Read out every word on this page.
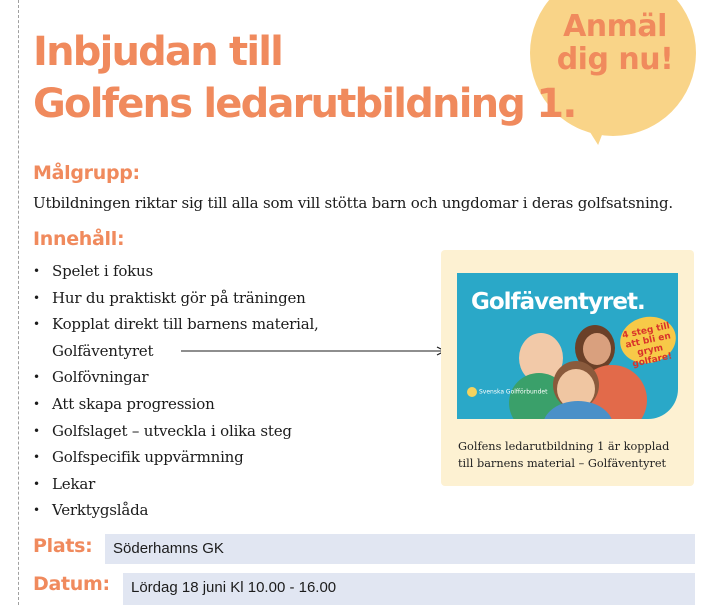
Anmäl
dig nu!
Inbjudan till
Golfens ledarutbildning 1.
Målgrupp:

Utbildningen riktar sig till alla som vill stötta barn och ungdomar i deras golfsatsning.

Innehåll:
• Spelet i fokus
• Hur du praktiskt gör på träningen
• Kopplat direkt till barnens material,
Golfäventyret
• Golfövningar
• Att skapa progression
• Golfslaget – utveckla i olika steg
• Golfspecifik uppvärmning
• Lekar
• Verktygslåda
Golfäventyret.
4 steg till att bli en grym golfare!
Svenska Golfförbundet
Golfens ledarutbildning 1 är kopplad
till barnens material – Golfäventyret
Plats:	Söderhamns GK
Datum:	Lördag 18 juni Kl 10.00 - 16.00
